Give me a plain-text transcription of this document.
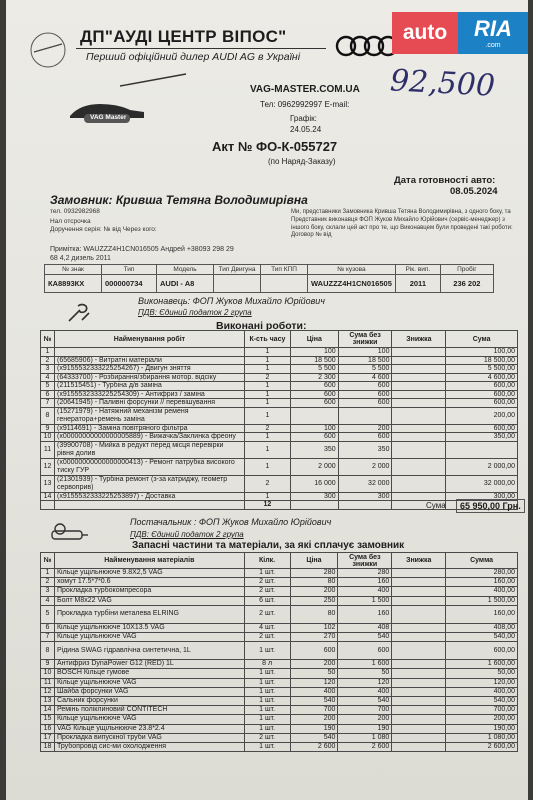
ДП"АУДІ ЦЕНТР ВІПОС"
Перший офіційний дилер AUDI AG в Україні
auto	RIA
.com
VAG Master
VAG-MASTER.COM.UA
Тел: 0962992997 E-mail:
92,500
Графік:
24.05.24
Акт № ФО-К-055727
(по Наряд-Заказу)
Дата готовності авто:
08.05.2024
Замовник: Кривша Тетяна Володимирівна
тел. 0932982968
Нал отсрочка
Доручення серія: № від Через кого:
Примітка: WAUZZZ4H1CN016505 Андрей +38093 298 29
68 4,2 дизель 2011
Ми, представники Замовника Кривша Тетяна Володимирівна, з одного боку, та Представник виконавця ФОП Жуков Михайло Юрійович (сервіс-менеджер) з іншого боку, склали цей акт про те, що Виконавцем були проведені такі роботи: Договор № від
№ знак	Тип	Модель	Тип Двигуна	Тип КПП	№ кузова	Рік. вип.	Пробіг
КА8893КХ	000000734	AUDI - A8			WAUZZZ4H1CN016505	2011	236 202
Виконавець: ФОП Жуков Михайло Юрійович
ПДВ: Єдиний податок 2 група
Виконані роботи:
№	Найменування робіт	К-сть часу	Ціна	Сума без знижки	Знижка	Сума
1		1	100	100		100,00
2	(65685906) - Витратні матеріали	1	18 500	18 500		18 500,00
3	(x9155532333225254267) - Двигун зняття	1	5 500	5 500		5 500,00
4	(64333700) - Розбирання/збирання мотор. відсіку	2	2 300	4 600		4 600,00
5	(211515451) - Турбіна д/в замiна	1	600	600		600,00
6	(x9155532333225254309) - Антифриз / заміна	1	600	600		600,00
7	(20641945) - Паливні форсунки // перевiшування	1	600	600		600,00
8	(15271979) - Натяжний механізм ременя генератора+ремень заміна	1				200,00
9	(x9114691) - Заміна повітряного фільтра	2	100	200		600,00
10	(x00000000000000005889) - Вижачка/Заклинка фреону	1	600	600		350,00
11	(39900708) - Мийка в редукт перед місця перевірки рівня долив	1	350	350		
12	(x00000000000000000413) - Ремонт патрубка високого тиску ГУР	1	2 000	2 000		2 000,00
13	(21301939) - Турбіна ремонт (з-за катриджу, геометр сервоприв)	2	16 000	32 000		32 000,00
14	(x9155532333225253897) - Доставка	1	300	300		300,00
		12					Сума	65 950,00 Грн.
Постачальник : ФОП Жуков Михайло Юрійович
ПДВ: Єдиний податок 2 група
Запасні частини та матеріали, за які сплачує замовник
№	Найменування матеріалів	Кілк.	Ціна	Сума без знижки	Знижка	Сумма
1	Кільце ущільнююче 9.8X2,5 VAG	1 шт.	280	280		280,00
2	хомут 17.5*7*0.6	2 шт.	80	160		160,00
3	Прокладка турбокомпресора	2 шт.	200	400		400,00
4	Болт М8х22 VAG	6 шт.	250	1 500		1 500,00
5	Прокладка турбіни металева ELRING	2 шт.	80	160		160,00
6	Кільце ущільнююче 10X13.5 VAG	4 шт.	102	408		408,00
7	Кільце ущільнююче VAG	2 шт.	270	540		540,00
8	Рідина SWAG гідравлічна синтетична, 1L	1 шт.	600	600		600,00
9	Антифриз DynaPower G12 (RED) 1L	8 л	200	1 600		1 600,00
10	BOSCH Кільце гумове	1 шт.	50	50		50,00
11	Кільце ущільнююче VAG	1 шт.	120	120		120,00
12	Шайба форсунки VAG	1 шт.	400	400		400,00
13	Сальник форсунки	1 шт.	540	540		540,00
14	Ремінь поліклиновий CONTITECH	1 шт.	700	700		700,00
15	Кільце ущільнююче VAG	1 шт.	200	200		200,00
16	VAG Кільце ущільнююче 23.8*2.4	1 шт.	190	190		190,00
17	Прокладка випускної труби VAG	2 шт.	540	1 080		1 080,00
18	Трубопровід сис-ми охолодження	1 шт.	2 600	2 600		2 600,00
